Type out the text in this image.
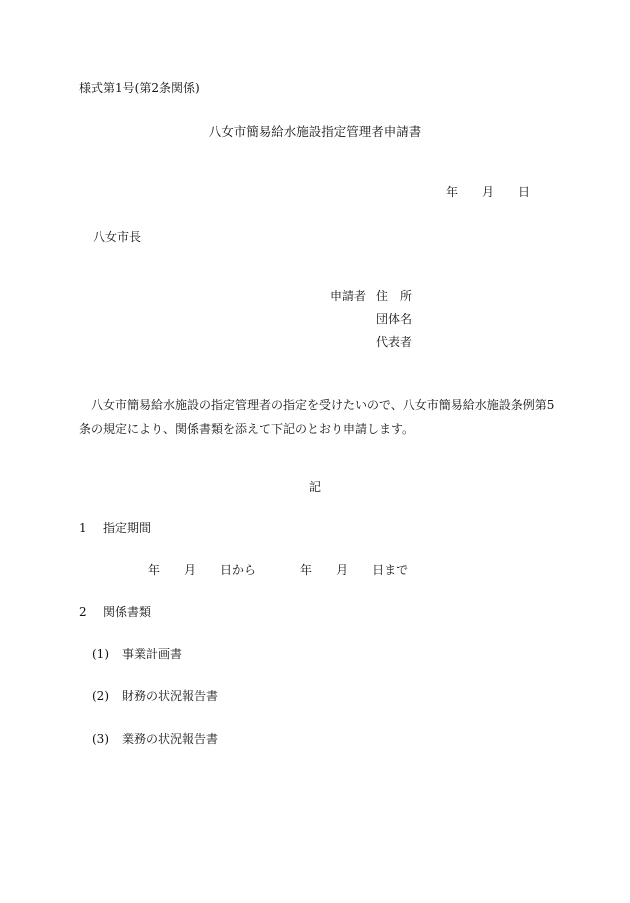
様式第1号(第2条関係)
八女市簡易給水施設指定管理者申請書
年 月 日
八女市長
申請者 住　所
団体名
代表者
八女市簡易給水施設の指定管理者の指定を受けたいので、八女市簡易給水施設条例第5条の規定により、関係書類を添えて下記のとおり申請します。
記
1 指定期間
年 月 日から	年 月 日まで
2 関係書類
(1) 事業計画書
(2) 財務の状況報告書
(3) 業務の状況報告書
